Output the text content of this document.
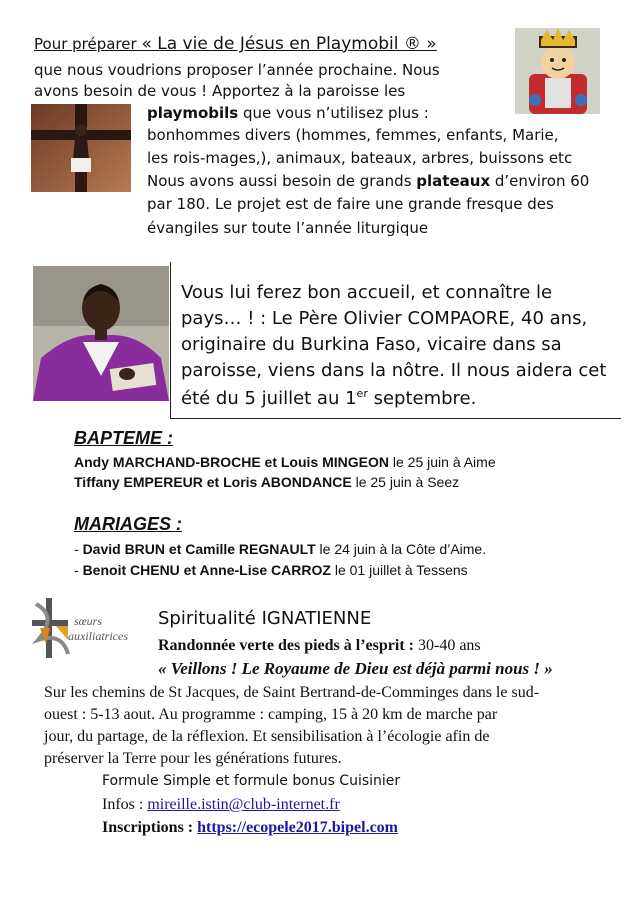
Pour préparer « La vie de Jésus en Playmobil ® »
que nous voudrions proposer l’année prochaine. Nous
avons besoin de vous ! Apportez à la paroisse les
playmobils que vous n’utilisez plus :
bonhommes divers (hommes, femmes, enfants, Marie,
les rois-mages,), animaux, bateaux, arbres, buissons etc
Nous avons aussi besoin de grands plateaux d’environ 60
par 180. Le projet est de faire une grande fresque des
évangiles sur toute l’année liturgique
Vous lui ferez bon accueil, et connaître le
pays… ! : Le Père Olivier COMPAORE, 40 ans,
originaire du Burkina Faso, vicaire dans sa
paroisse, viens dans la nôtre. Il nous aidera cet
été du 5 juillet au 1er septembre.
BAPTEME :
Andy MARCHAND-BROCHE et Louis MINGEON le 25 juin à Aime
Tiffany EMPEREUR et Loris ABONDANCE le 25 juin à Seez
MARIAGES :
- David BRUN et Camille REGNAULT le 24 juin à la Côte d’Aime.
- Benoit CHENU et Anne-Lise CARROZ le 01 juillet à Tessens
sœurs
auxiliatrices
Spiritualité IGNATIENNE
Randonnée verte des pieds à l’esprit : 30-40 ans
« Veillons ! Le Royaume de Dieu est déjà parmi nous ! »
Sur les chemins de St Jacques, de Saint Bertrand-de-Comminges dans le sud-
ouest : 5-13 aout. Au programme : camping, 15 à 20 km de marche par
jour, du partage, de la réflexion. Et sensibilisation à l’écologie afin de
préserver la Terre pour les générations futures.
Formule Simple et formule bonus Cuisinier
Infos : mireille.istin@club-internet.fr
Inscriptions : https://ecopele2017.bipel.com
